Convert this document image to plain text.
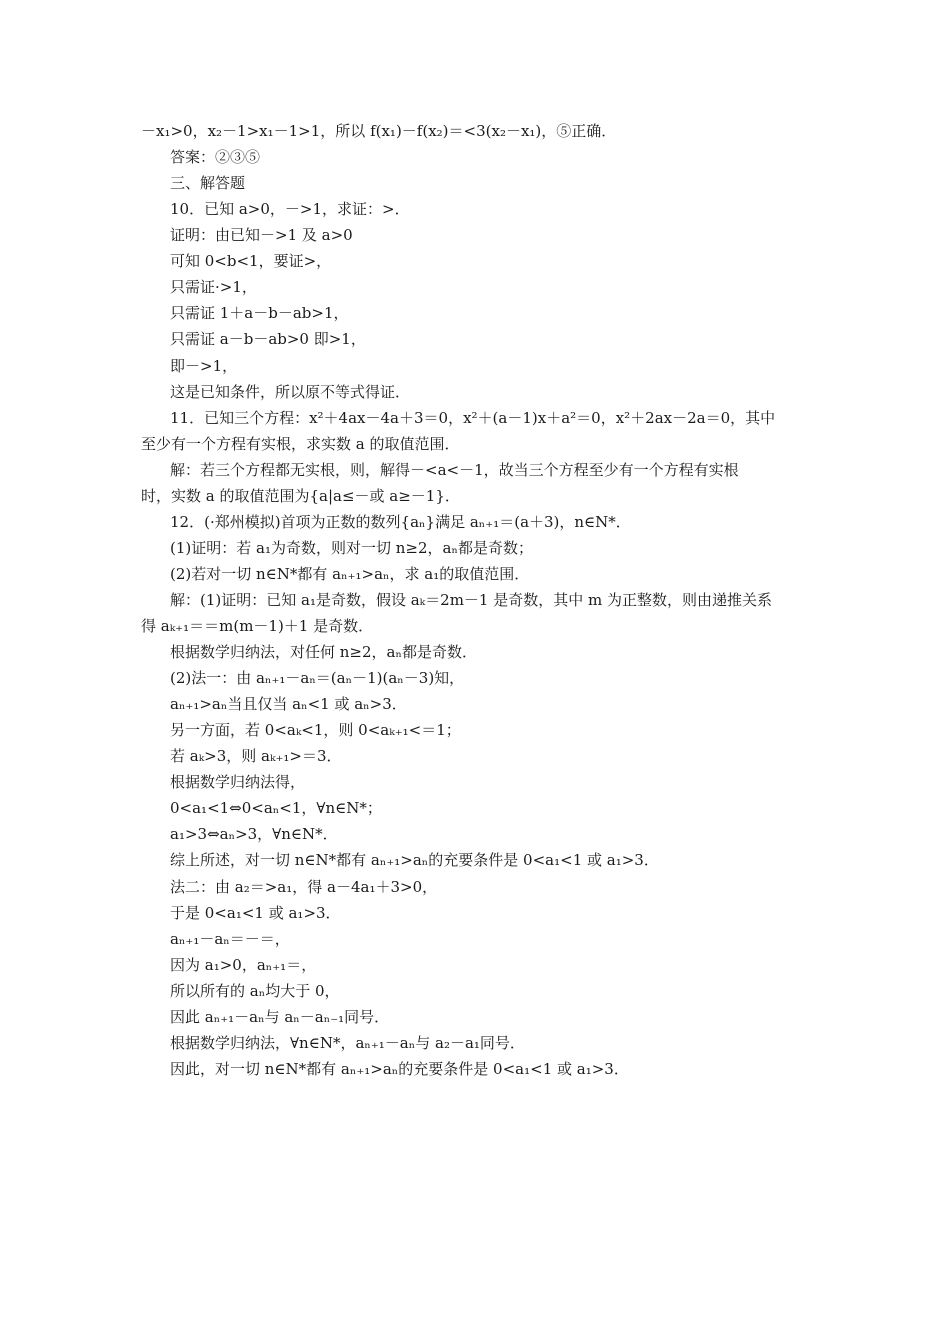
－x₁>0，x₂－1>x₁－1>1，所以 f(x₁)－f(x₂)＝<3(x₂－x₁)，⑤正确．
答案：②③⑤
三、解答题
10．已知 a>0，－>1，求证：>．
证明：由已知－>1 及 a>0
可知 0<b<1，要证>，
只需证·>1，
只需证 1＋a－b－ab>1，
只需证 a－b－ab>0 即>1，
即－>1，
这是已知条件，所以原不等式得证．
11．已知三个方程：x²＋4ax－4a＋3＝0，x²＋(a－1)x＋a²＝0，x²＋2ax－2a＝0，其中
至少有一个方程有实根，求实数 a 的取值范围．
解：若三个方程都无实根，则，解得－<a<－1，故当三个方程至少有一个方程有实根
时，实数 a 的取值范围为{a|a≤－或 a≥－1}．
12．(·郑州模拟)首项为正数的数列{aₙ}满足 aₙ₊₁＝(a＋3)，n∈N*．
(1)证明：若 a₁为奇数，则对一切 n≥2，aₙ都是奇数；
(2)若对一切 n∈N*都有 aₙ₊₁>aₙ，求 a₁的取值范围．
解：(1)证明：已知 a₁是奇数，假设 aₖ＝2m－1 是奇数，其中 m 为正整数，则由递推关系
得 aₖ₊₁＝＝m(m－1)＋1 是奇数．
根据数学归纳法，对任何 n≥2，aₙ都是奇数．
(2)法一：由 aₙ₊₁－aₙ＝(aₙ－1)(aₙ－3)知，
aₙ₊₁>aₙ当且仅当 aₙ<1 或 aₙ>3．
另一方面，若 0<aₖ<1，则 0<aₖ₊₁<＝1；
若 aₖ>3，则 aₖ₊₁>＝3．
根据数学归纳法得，
0<a₁<1⇔0<aₙ<1，∀n∈N*；
a₁>3⇔aₙ>3，∀n∈N*．
综上所述，对一切 n∈N*都有 aₙ₊₁>aₙ的充要条件是 0<a₁<1 或 a₁>3．
法二：由 a₂＝>a₁，得 a－4a₁＋3>0，
于是 0<a₁<1 或 a₁>3．
aₙ₊₁－aₙ＝－＝，
因为 a₁>0，aₙ₊₁＝，
所以所有的 aₙ均大于 0，
因此 aₙ₊₁－aₙ与 aₙ－aₙ₋₁同号．
根据数学归纳法，∀n∈N*，aₙ₊₁－aₙ与 a₂－a₁同号．
因此，对一切 n∈N*都有 aₙ₊₁>aₙ的充要条件是 0<a₁<1 或 a₁>3．
